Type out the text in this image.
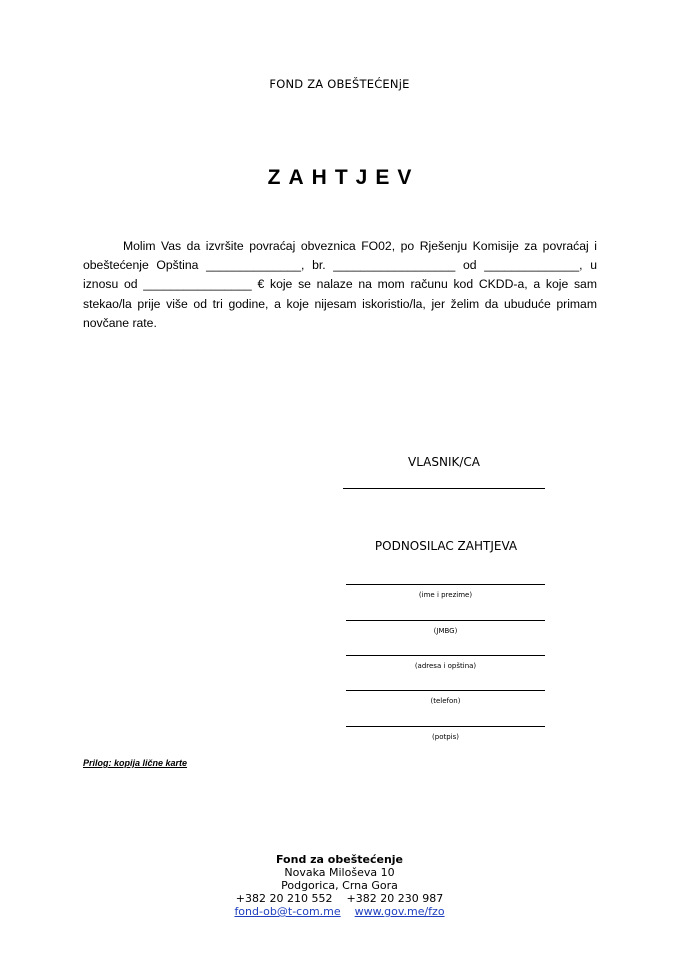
FOND ZA OBEŠTEĆENjE
ZAHTJEV
Molim Vas da izvršite povraćaj obveznica FO02, po Rješenju Komisije za povraćaj i
obeštećenje Opština ______________, br. __________________ od ______________, u
iznosu od ________________ € koje se nalaze na mom računu kod CKDD-a, a koje sam
stekao/la prije više od tri godine, a koje nijesam iskoristio/la, jer želim da ubuduće primam
novčane rate.
VLASNIK/CA
PODNOSILAC ZAHTJEVA
(ime i prezime)
(JMBG)
(adresa i opština)
(telefon)
(potpis)
Prilog: kopija lične karte
Fond za obeštećenje
Novaka Miloševa 10
Podgorica, Crna Gora
+382 20 210 552 +382 20 230 987
fond-ob@t-com.me www.gov.me/fzo
